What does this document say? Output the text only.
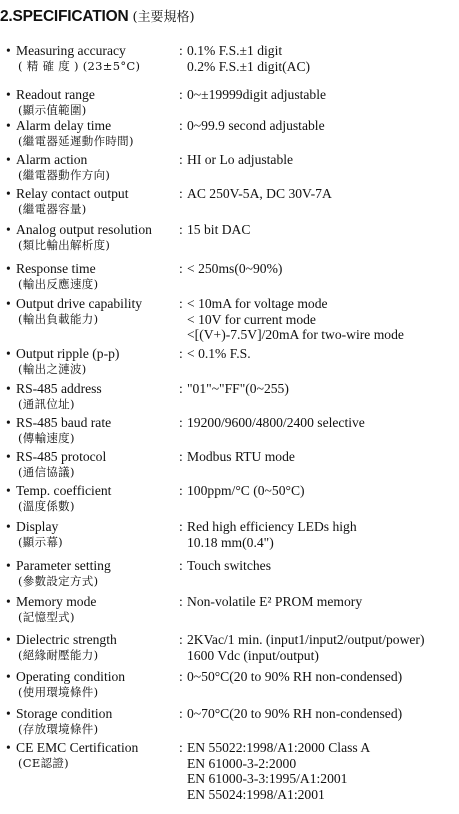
2.SPECIFICATION (主要規格)
• Measuring accuracy
( 精 確 度 ) (23±5°C)
: 0.1% F.S.±1 digit
0.2% F.S.±1 digit(AC)
• Readout range
(顯示值範圍)
: 0~±19999digit adjustable
• Alarm delay time
(繼電器延遲動作時間)
: 0~99.9 second adjustable
• Alarm action
(繼電器動作方向)
: HI or Lo adjustable
• Relay contact output
(繼電器容量)
: AC 250V-5A, DC 30V-7A
• Analog output resolution
(類比輸出解析度)
: 15 bit DAC
• Response time
(輸出反應速度)
: < 250ms(0~90%)
• Output drive capability
(輸出負載能力)
: < 10mA for voltage mode
< 10V for current mode
<[(V+)-7.5V]/20mA for two-wire mode
• Output ripple (p-p)
(輸出之漣波)
: < 0.1% F.S.
• RS-485 address
(通訊位址)
: "01"~"FF"(0~255)
• RS-485 baud rate
(傳輸速度)
: 19200/9600/4800/2400 selective
• RS-485 protocol
(通信協議)
: Modbus RTU mode
• Temp. coefficient
(溫度係數)
: 100ppm/°C (0~50°C)
• Display
(顯示幕)
: Red high efficiency LEDs high
10.18 mm(0.4")
• Parameter setting
(參數設定方式)
: Touch switches
• Memory mode
(記憶型式)
: Non-volatile E² PROM memory
• Dielectric strength
(絕緣耐壓能力)
: 2KVac/1 min. (input1/input2/output/power)
1600 Vdc (input/output)
• Operating condition
(使用環境條件)
: 0~50°C(20 to 90% RH non-condensed)
• Storage condition
(存放環境條件)
: 0~70°C(20 to 90% RH non-condensed)
• CE EMC Certification
(CE認證)
: EN 55022:1998/A1:2000 Class A
EN 61000-3-2:2000
EN 61000-3-3:1995/A1:2001
EN 55024:1998/A1:2001
